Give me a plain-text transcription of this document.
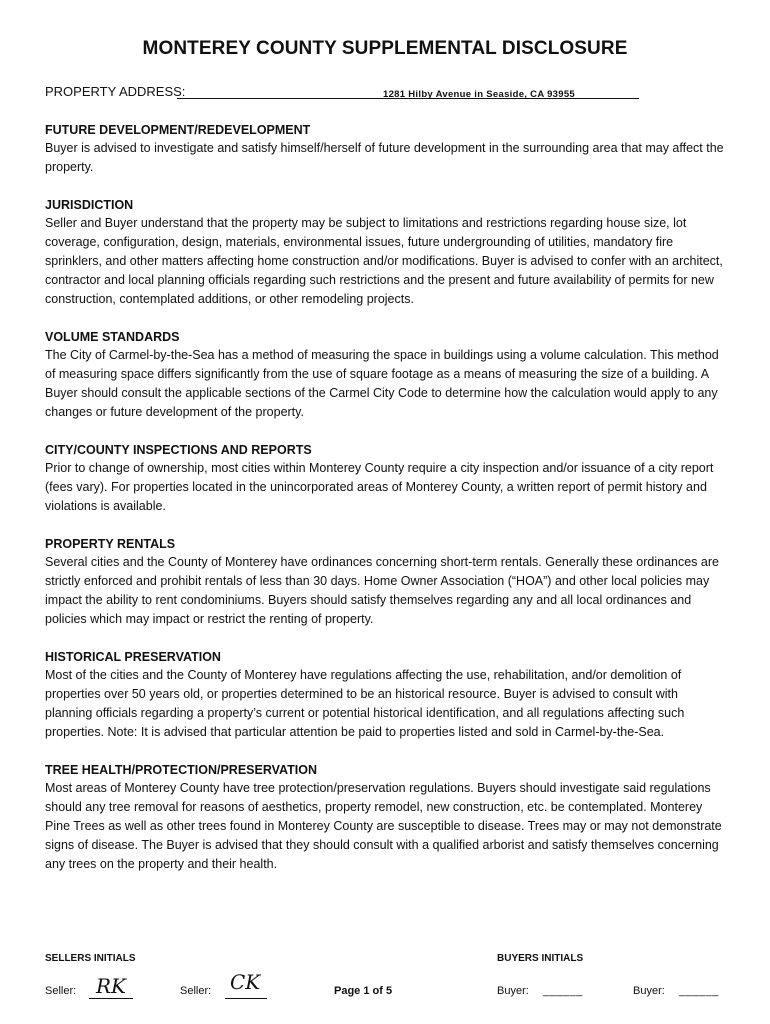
MONTEREY COUNTY SUPPLEMENTAL DISCLOSURE
PROPERTY ADDRESS:	1281 Hilby Avenue in Seaside, CA 93955
FUTURE DEVELOPMENT/REDEVELOPMENT
Buyer is advised to investigate and satisfy himself/herself of future development in the surrounding area that may affect the property.
JURISDICTION
Seller and Buyer understand that the property may be subject to limitations and restrictions regarding house size, lot coverage, configuration, design, materials, environmental issues, future undergrounding of utilities, mandatory fire sprinklers, and other matters affecting home construction and/or modifications. Buyer is advised to confer with an architect, contractor and local planning officials regarding such restrictions and the present and future availability of permits for new construction, contemplated additions, or other remodeling projects.
VOLUME STANDARDS
The City of Carmel-by-the-Sea has a method of measuring the space in buildings using a volume calculation. This method of measuring space differs significantly from the use of square footage as a means of measuring the size of a building. A Buyer should consult the applicable sections of the Carmel City Code to determine how the calculation would apply to any changes or future development of the property.
CITY/COUNTY INSPECTIONS AND REPORTS
Prior to change of ownership, most cities within Monterey County require a city inspection and/or issuance of a city report (fees vary). For properties located in the unincorporated areas of Monterey County, a written report of permit history and violations is available.
PROPERTY RENTALS
Several cities and the County of Monterey have ordinances concerning short-term rentals. Generally these ordinances are strictly enforced and prohibit rentals of less than 30 days. Home Owner Association (“HOA”) and other local policies may impact the ability to rent condominiums. Buyers should satisfy themselves regarding any and all local ordinances and policies which may impact or restrict the renting of property.
HISTORICAL PRESERVATION
Most of the cities and the County of Monterey have regulations affecting the use, rehabilitation, and/or demolition of properties over 50 years old, or properties determined to be an historical resource. Buyer is advised to consult with planning officials regarding a property’s current or potential historical identification, and all regulations affecting such properties. Note: It is advised that particular attention be paid to properties listed and sold in Carmel-by-the-Sea.
TREE HEALTH/PROTECTION/PRESERVATION
Most areas of Monterey County have tree protection/preservation regulations. Buyers should investigate said regulations should any tree removal for reasons of aesthetics, property remodel, new construction, etc. be contemplated. Monterey Pine Trees as well as other trees found in Monterey County are susceptible to disease. Trees may or may not demonstrate signs of disease. The Buyer is advised that they should consult with a qualified arborist and satisfy themselves concerning any trees on the property and their health.
SELLERS INITIALS	BUYERS INITIALS
Seller: RK	Seller: CK	Page 1 of 5	Buyer: ______	Buyer: ______
